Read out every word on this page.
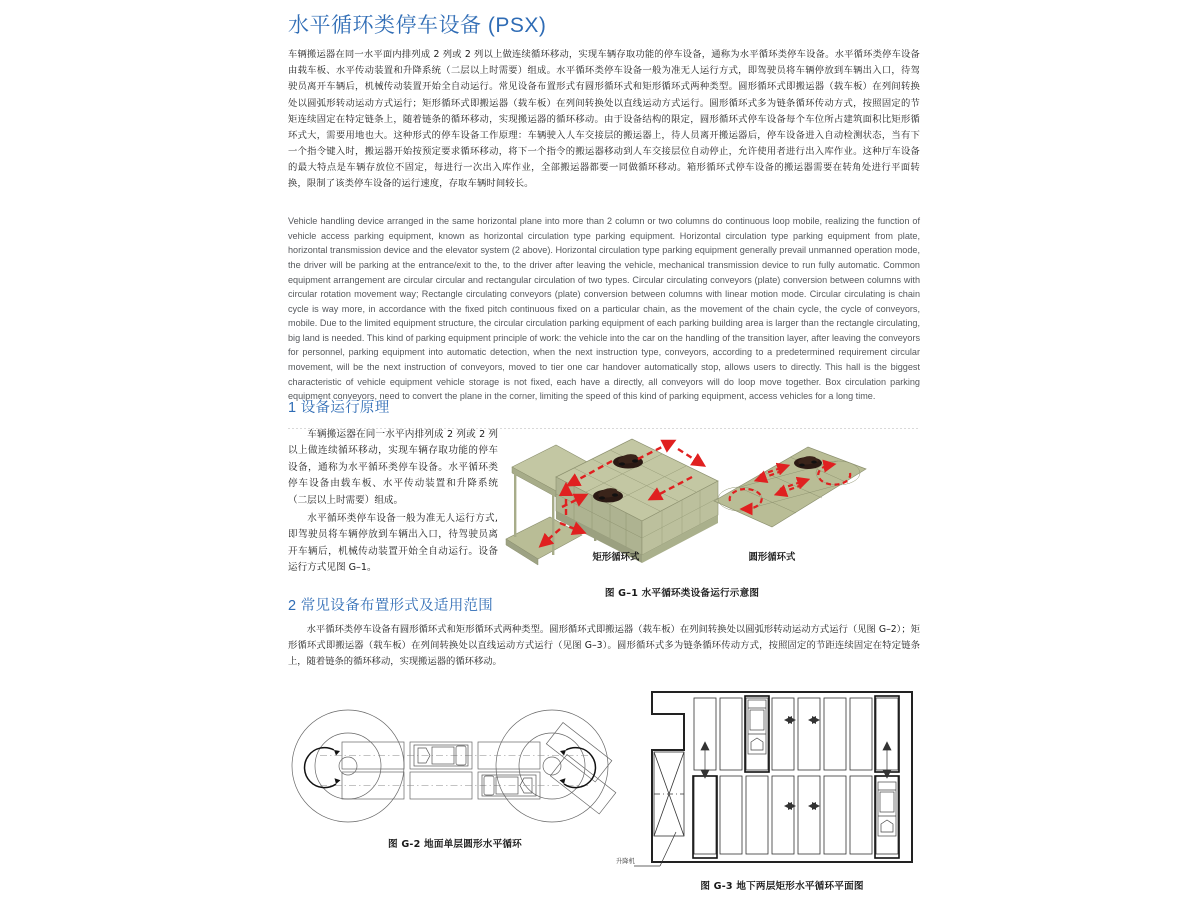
水平循环类停车设备 (PSX)

车辆搬运器在同一水平面内排列成 2 列或 2 列以上做连续循环移动，实现车辆存取功能的停车设备，通称为水平循环类停车设备。水平循环类停车设备由载车板、水平传动装置和升降系统（二层以上时需要）组成。水平循环类停车设备一般为准无人运行方式，即驾驶员将车辆停放到车辆出入口，待驾驶员离开车辆后，机械传动装置开始全自动运行。常见设备布置形式有圆形循环式和矩形循环式两种类型。圆形循环式即搬运器（载车板）在列间转换处以圆弧形转动运动方式运行；矩形循环式即搬运器（载车板）在列间转换处以直线运动方式运行。圆形循环式多为链条循环传动方式，按照固定的节矩连续固定在特定链条上，随着链条的循环移动，实现搬运器的循环移动。由于设备结构的限定，圆形循环式停车设备每个车位所占建筑面积比矩形循环式大，需要用地也大。这种形式的停车设备工作原理：车辆驶入人车交接层的搬运器上，待人员离开搬运器后，停车设备进入自动检测状态，当有下一个指令键入时，搬运器开始按预定要求循环移动，将下一个指令的搬运器移动到人车交接层位自动停止，允许使用者进行出入库作业。这种厅车设备的最大特点是车辆存放位不固定，每进行一次出入库作业，全部搬运器都要一同做循环移动。箱形循环式停车设备的搬运器需要在转角处进行平面转换，限制了该类停车设备的运行速度，存取车辆时间较长。

Vehicle handling device arranged in the same horizontal plane into more than 2 column or two columns do continuous loop mobile, realizing the function of vehicle access parking equipment, known as horizontal circulation type parking equipment. Horizontal circulation type parking equipment from plate, horizontal transmission device and the elevator system (2 above). Horizontal circulation type parking equipment generally prevail unmanned operation mode, the driver will be parking at the entrance/exit to the, to the driver after leaving the vehicle, mechanical transmission device to run fully automatic. Common equipment arrangement are circular circular and rectangular circulation of two types. Circular circulating conveyors (plate) conversion between columns with circular rotation movement way; Rectangle circulating conveyors (plate) conversion between columns with linear motion mode. Circular circulating is chain cycle is way more, in accordance with the fixed pitch continuous fixed on a particular chain, as the movement of the chain cycle, the cycle of conveyors, mobile. Due to the limited equipment structure, the circular circulation parking equipment of each parking building area is larger than the rectangle circulating, big land is needed. This kind of parking equipment principle of work: the vehicle into the car on the handling of the transition layer, after leaving the conveyors for personnel, parking equipment into automatic detection, when the next instruction type, conveyors, according to a predetermined requirement circular movement, will be the next instruction of conveyors, moved to tier one car handover automatically stop, allows users to directly. This hall is the biggest characteristic of vehicle equipment vehicle storage is not fixed, each have a directly, all conveyors will do loop move together. Box circulation parking equipment conveyors, need to convert the plane in the corner, limiting the speed of this kind of parking equipment, access vehicles for a long time.

1 设备运行原理

车辆搬运器在同一水平内排列成 2 列或 2 列以上做连续循环移动，实现车辆存取功能的停车设备，通称为水平循环类停车设备。水平循环类停车设备由载车板、水平传动装置和升降系统（二层以上时需要）组成。

水平循环类停车设备一般为准无人运行方式,即驾驶员将车辆停放到车辆出入口，待驾驶员离开车辆后，机械传动装置开始全自动运行。设备运行方式见图 G–1。

矩形循环式	圆形循环式
图 G–1 水平循环类设备运行示意图
2 常见设备布置形式及适用范围

水平循环类停车设备有圆形循环式和矩形循环式两种类型。圆形循环式即搬运器（载车板）在列间转换处以圆弧形转动运动方式运行（见图 G–2）；矩形循环式即搬运器（载车板）在列间转换处以直线运动方式运行（见图 G–3）。圆形循环式多为链条循环传动方式，按照固定的节距连续固定在特定链条上，随着链条的循环移动，实现搬运器的循环移动。

图 G-2 地面单层圆形水平循环
升降机
图 G-3 地下两层矩形水平循环平面图
